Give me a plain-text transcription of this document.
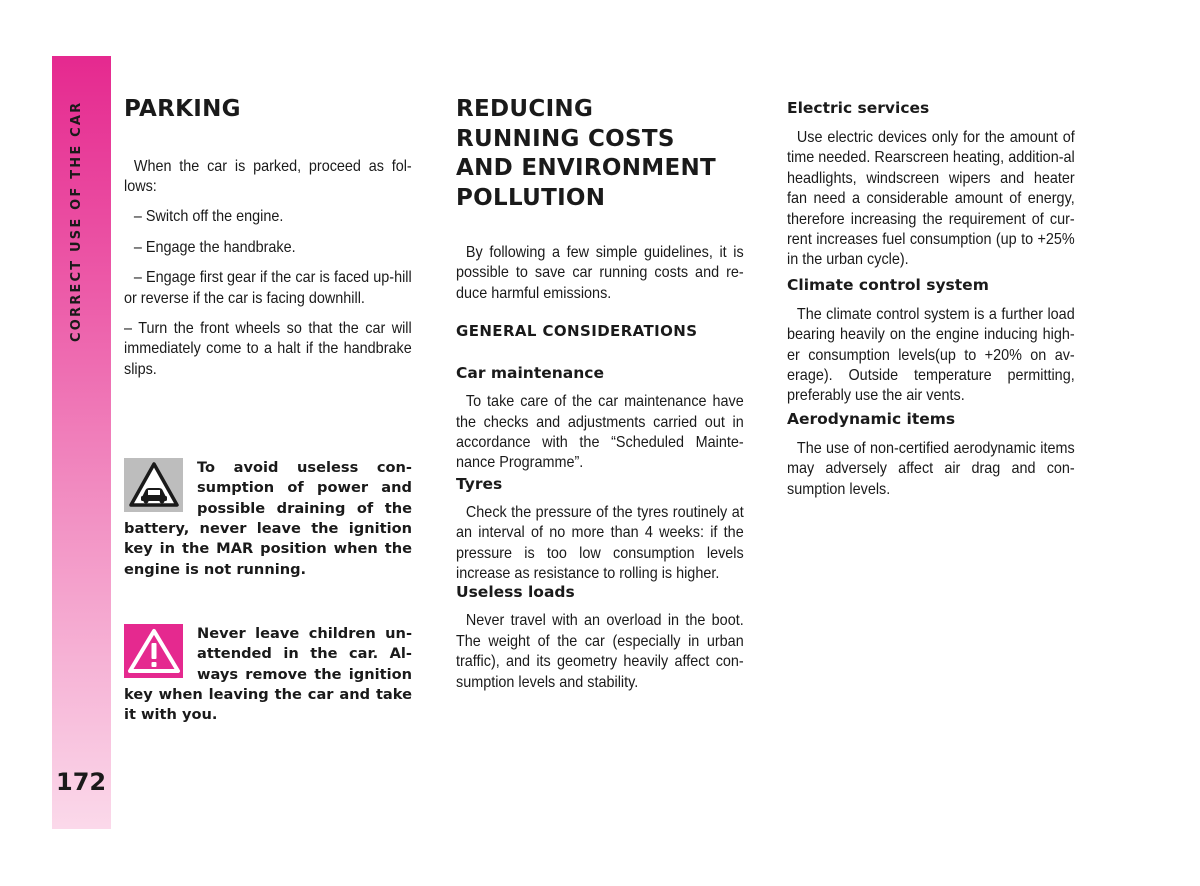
CORRECT USE OF THE CAR
172
PARKING

When the car is parked, proceed as fol-lows:

– Switch off the engine.

– Engage the handbrake.

– Engage first gear if the car is faced up-hill or reverse if the car is facing downhill.

– Turn the front wheels so that the car will immediately come to a halt if the handbrake slips.

To avoid useless con-sumption of power and possible draining of the battery, never leave the ignition key in the MAR position when the engine is not running.
Never leave children un-attended in the car. Al-ways remove the ignition key when leaving the car and take it with you.
REDUCING
RUNNING COSTS
AND ENVIRONMENT
POLLUTION

By following a few simple guidelines, it is possible to save car running costs and re-duce harmful emissions.

GENERAL CONSIDERATIONS
Car maintenance

To take care of the car maintenance have the checks and adjustments carried out in accordance with the “Scheduled Mainte-nance Programme”.

Tyres

Check the pressure of the tyres routinely at an interval of no more than 4 weeks: if the pressure is too low consumption levels increase as resistance to rolling is higher.

Useless loads

Never travel with an overload in the boot. The weight of the car (especially in urban traffic), and its geometry heavily affect con-sumption levels and stability.

Electric services

Use electric devices only for the amount of time needed. Rearscreen heating, addition-al headlights, windscreen wipers and heater fan need a considerable amount of energy, therefore increasing the requirement of cur-rent increases fuel consumption (up to +25% in the urban cycle).

Climate control system

The climate control system is a further load bearing heavily on the engine inducing high-er consumption levels(up to +20% on av-erage). Outside temperature permitting, preferably use the air vents.

Aerodynamic items

The use of non-certified aerodynamic items may adversely affect air drag and con-sumption levels.
